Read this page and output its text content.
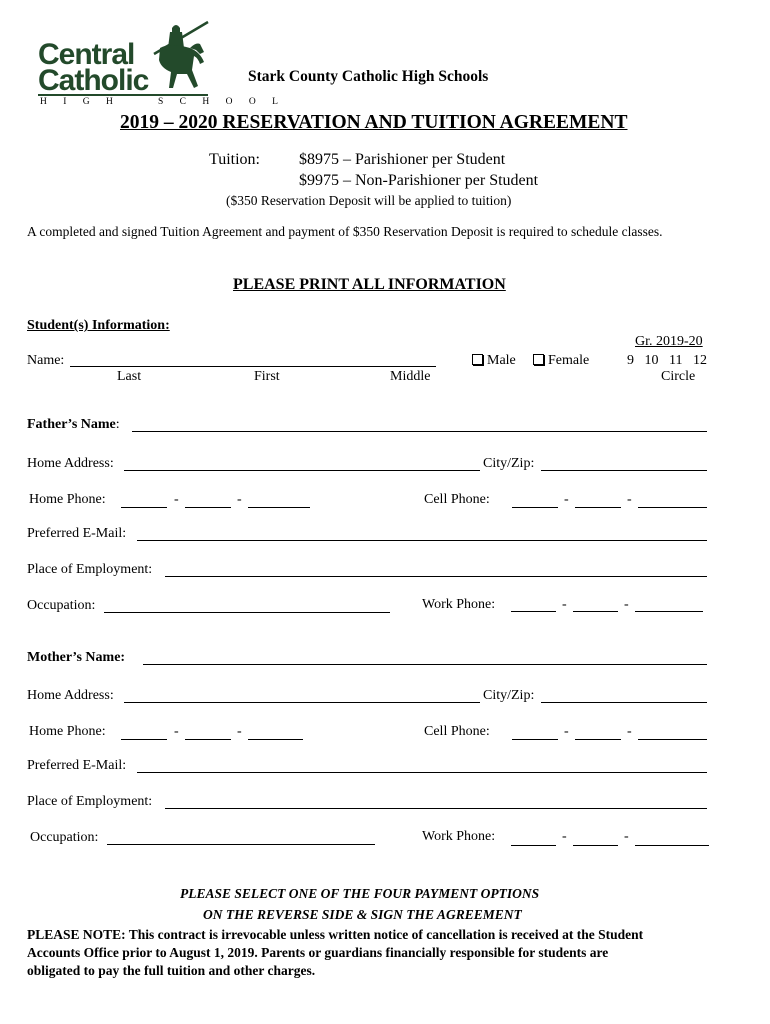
Central
Catholic
H I G H   S C H O O L
Stark County Catholic High Schools
2019 – 2020 RESERVATION AND TUITION AGREEMENT
Tuition: $8975 – Parishioner per Student
$9975 – Non-Parishioner per Student
($350 Reservation Deposit will be applied to tuition)
A completed and signed Tuition Agreement and payment of $350 Reservation Deposit is required to schedule classes.
PLEASE PRINT ALL INFORMATION
Student(s) Information:
Gr. 2019-20
Name:	Male	Female	9   10   11   12
Last	First	Middle	Circle
Father’s Name:
Home Address:	City/Zip:
Home Phone:	-	-	Cell Phone:	-	-
Preferred E-Mail:
Place of Employment:
Occupation:	Work Phone:	-	-
Mother’s Name:
Home Address:	City/Zip:
Home Phone:	-	-	Cell Phone:	-	-
Preferred E-Mail:
Place of Employment:
Occupation:	Work Phone:	-	-
PLEASE SELECT ONE OF THE FOUR PAYMENT OPTIONS
ON THE REVERSE SIDE & SIGN THE AGREEMENT
PLEASE NOTE: This contract is irrevocable unless written notice of cancellation is received at the Student
Accounts Office prior to August 1, 2019. Parents or guardians financially responsible for students are
obligated to pay the full tuition and other charges.
